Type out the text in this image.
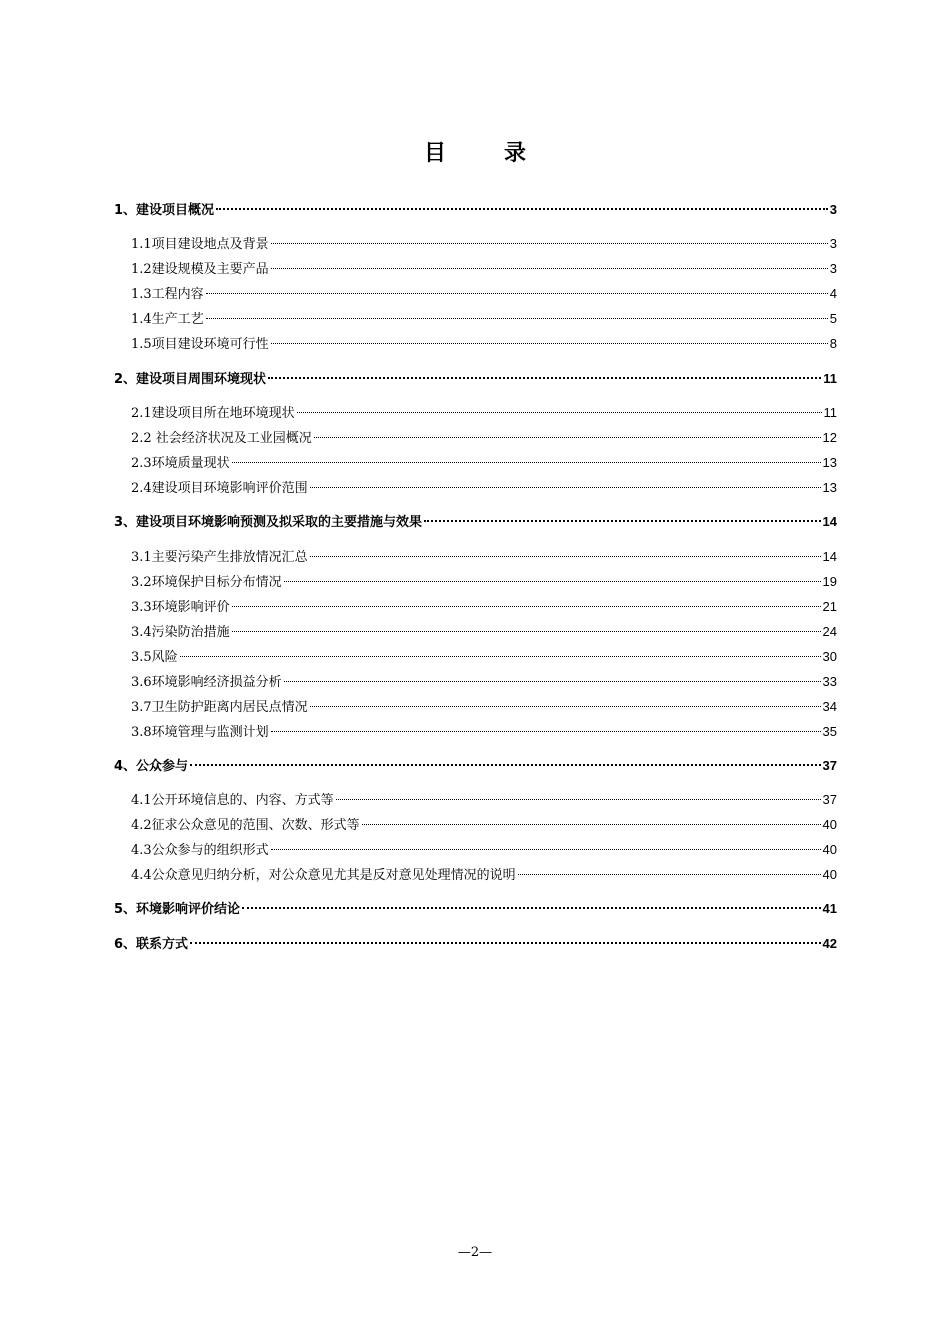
目　录
1、建设项目概况	3
1.1项目建设地点及背景	3
1.2建设规模及主要产品	3
1.3工程内容	4
1.4生产工艺	5
1.5项目建设环境可行性	8
2、建设项目周围环境现状	11
2.1建设项目所在地环境现状	11
2.2 社会经济状况及工业园概况	12
2.3环境质量现状	13
2.4建设项目环境影响评价范围	13
3、建设项目环境影响预测及拟采取的主要措施与效果	14
3.1主要污染产生排放情况汇总	14
3.2环境保护目标分布情况	19
3.3环境影响评价	21
3.4污染防治措施	24
3.5风险	30
3.6环境影响经济损益分析	33
3.7卫生防护距离内居民点情况	34
3.8环境管理与监测计划	35
4、公众参与	37
4.1公开环境信息的、内容、方式等	37
4.2征求公众意见的范围、次数、形式等	40
4.3公众参与的组织形式	40
4.4公众意见归纳分析，对公众意见尤其是反对意见处理情况的说明	40
5、环境影响评价结论	41
6、联系方式	42
—2—
